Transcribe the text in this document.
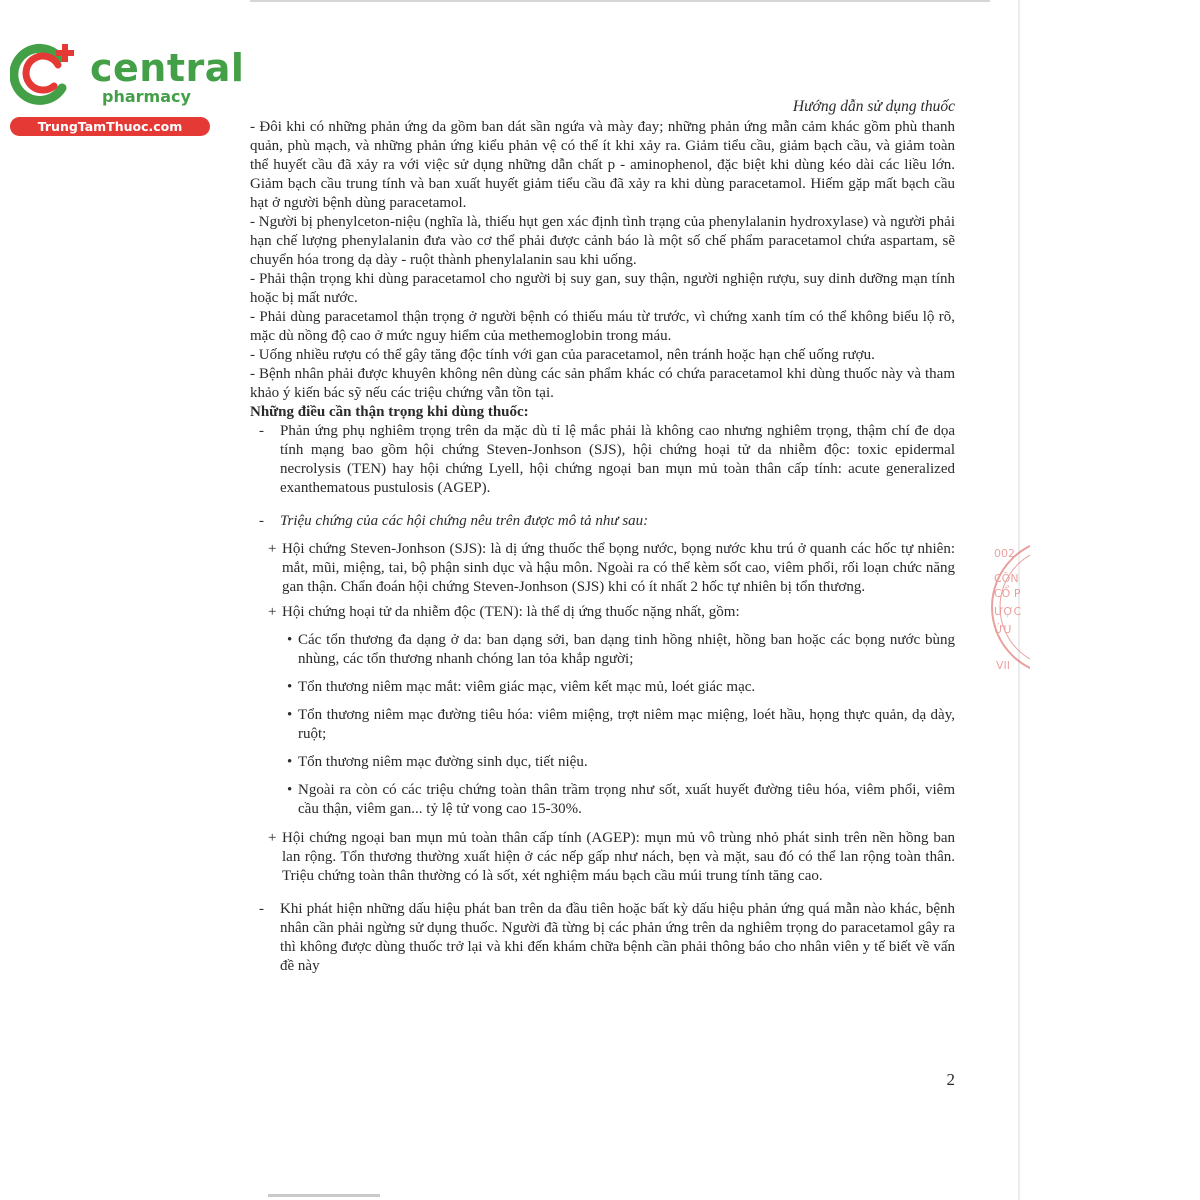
central
pharmacy
TrungTamThuoc.com
Hướng dẫn sử dụng thuốc

- Đôi khi có những phản ứng da gồm ban dát sần ngứa và mày đay; những phản ứng mẫn cảm khác gồm phù thanh quản, phù mạch, và những phản ứng kiểu phản vệ có thể ít khi xảy ra. Giảm tiểu cầu, giảm bạch cầu, và giảm toàn thể huyết cầu đã xảy ra với việc sử dụng những dẫn chất p - aminophenol, đặc biệt khi dùng kéo dài các liều lớn. Giảm bạch cầu trung tính và ban xuất huyết giảm tiểu cầu đã xảy ra khi dùng paracetamol. Hiếm gặp mất bạch cầu hạt ở người bệnh dùng paracetamol.

- Người bị phenylceton-niệu (nghĩa là, thiếu hụt gen xác định tình trạng của phenylalanin hydroxylase) và người phải hạn chế lượng phenylalanin đưa vào cơ thể phải được cảnh báo là một số chế phẩm paracetamol chứa aspartam, sẽ chuyển hóa trong dạ dày - ruột thành phenylalanin sau khi uống.

- Phải thận trọng khi dùng paracetamol cho người bị suy gan, suy thận, người nghiện rượu, suy dinh dưỡng mạn tính hoặc bị mất nước.

- Phải dùng paracetamol thận trọng ở người bệnh có thiếu máu từ trước, vì chứng xanh tím có thể không biểu lộ rõ, mặc dù nồng độ cao ở mức nguy hiểm của methemoglobin trong máu.

- Uống nhiều rượu có thể gây tăng độc tính với gan của paracetamol, nên tránh hoặc hạn chế uống rượu.

- Bệnh nhân phải được khuyên không nên dùng các sản phẩm khác có chứa paracetamol khi dùng thuốc này và tham khảo ý kiến bác sỹ nếu các triệu chứng vẫn tồn tại.

Những điều cần thận trọng khi dùng thuốc:

- Phản ứng phụ nghiêm trọng trên da mặc dù tỉ lệ mắc phải là không cao nhưng nghiêm trọng, thậm chí đe dọa tính mạng bao gồm hội chứng Steven-Jonhson (SJS), hội chứng hoại tử da nhiễm độc: toxic epidermal necrolysis (TEN) hay hội chứng Lyell, hội chứng ngoại ban mụn mủ toàn thân cấp tính: acute generalized exanthematous pustulosis (AGEP).
- Triệu chứng của các hội chứng nêu trên được mô tả như sau:
+ Hội chứng Steven-Jonhson (SJS): là dị ứng thuốc thể bọng nước, bọng nước khu trú ở quanh các hốc tự nhiên: mắt, mũi, miệng, tai, bộ phận sinh dục và hậu môn. Ngoài ra có thể kèm sốt cao, viêm phổi, rối loạn chức năng gan thận. Chẩn đoán hội chứng Steven-Jonhson (SJS) khi có ít nhất 2 hốc tự nhiên bị tổn thương.
+ Hội chứng hoại tử da nhiễm độc (TEN): là thể dị ứng thuốc nặng nhất, gồm:
• Các tổn thương đa dạng ở da: ban dạng sởi, ban dạng tinh hồng nhiệt, hồng ban hoặc các bọng nước bùng nhùng, các tổn thương nhanh chóng lan tỏa khắp người;
• Tổn thương niêm mạc mắt: viêm giác mạc, viêm kết mạc mủ, loét giác mạc.
• Tổn thương niêm mạc đường tiêu hóa: viêm miệng, trợt niêm mạc miệng, loét hầu, họng thực quản, dạ dày, ruột;
• Tổn thương niêm mạc đường sinh dục, tiết niệu.
• Ngoài ra còn có các triệu chứng toàn thân trầm trọng như sốt, xuất huyết đường tiêu hóa, viêm phổi, viêm cầu thận, viêm gan... tỷ lệ tử vong cao 15-30%.
+ Hội chứng ngoại ban mụn mủ toàn thân cấp tính (AGEP): mụn mủ vô trùng nhỏ phát sinh trên nền hồng ban lan rộng. Tổn thương thường xuất hiện ở các nếp gấp như nách, bẹn và mặt, sau đó có thể lan rộng toàn thân. Triệu chứng toàn thân thường có là sốt, xét nghiệm máu bạch cầu múi trung tính tăng cao.
- Khi phát hiện những dấu hiệu phát ban trên da đầu tiên hoặc bất kỳ dấu hiệu phản ứng quá mẫn nào khác, bệnh nhân cần phải ngừng sử dụng thuốc. Người đã từng bị các phản ứng trên da nghiêm trọng do paracetamol gây ra thì không được dùng thuốc trở lại và khi đến khám chữa bệnh cần phải thông báo cho nhân viên y tế biết về vấn đề này
2
002
CÔN
CỔ P
ƯỢC
ỨU
VII
